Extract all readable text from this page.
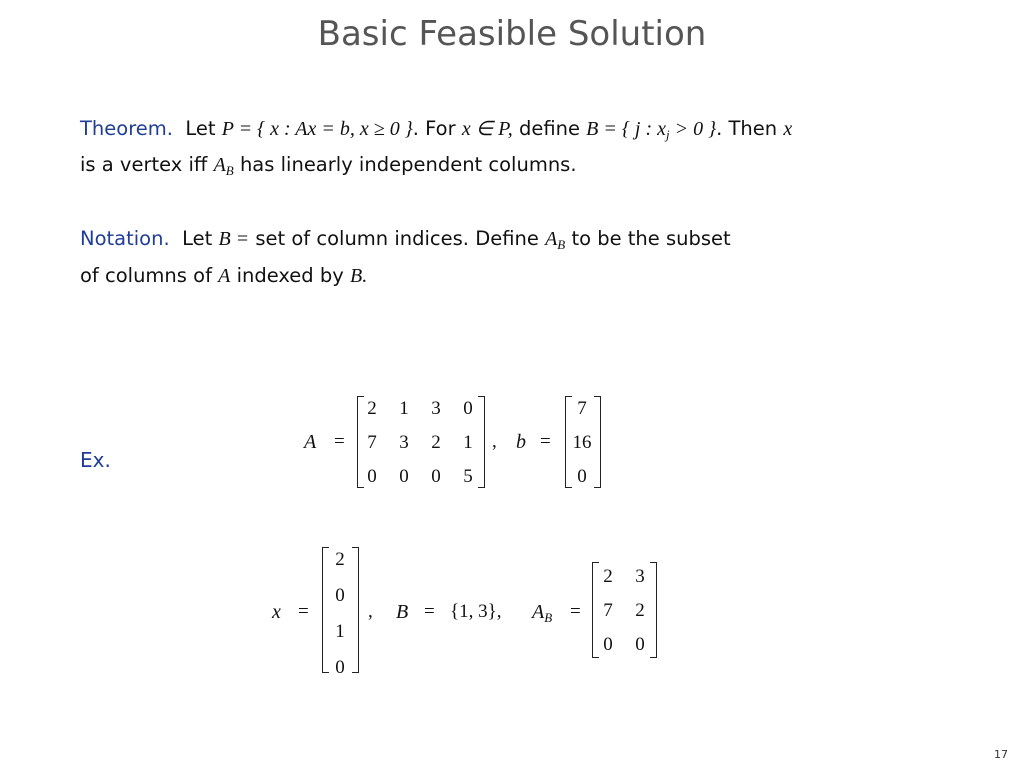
Basic Feasible Solution
Theorem. Let P = { x : Ax = b, x ≥ 0 }. For x ∈ P, define B = { j : $x_j > 0$ }. Then x
is a vertex iff $A_B$ has linearly independent columns.
Notation. Let B = set of column indices. Define $A_B$ to be the subset
of columns of A indexed by B.
Ex.
A =
2	1	3	0
7	3	2	1
0	0	0	5
, b =
7
16
0
x =
2
0
1
0
, B = {1, 3}, $A_B$ =
2	3
7	2
0	0
17
